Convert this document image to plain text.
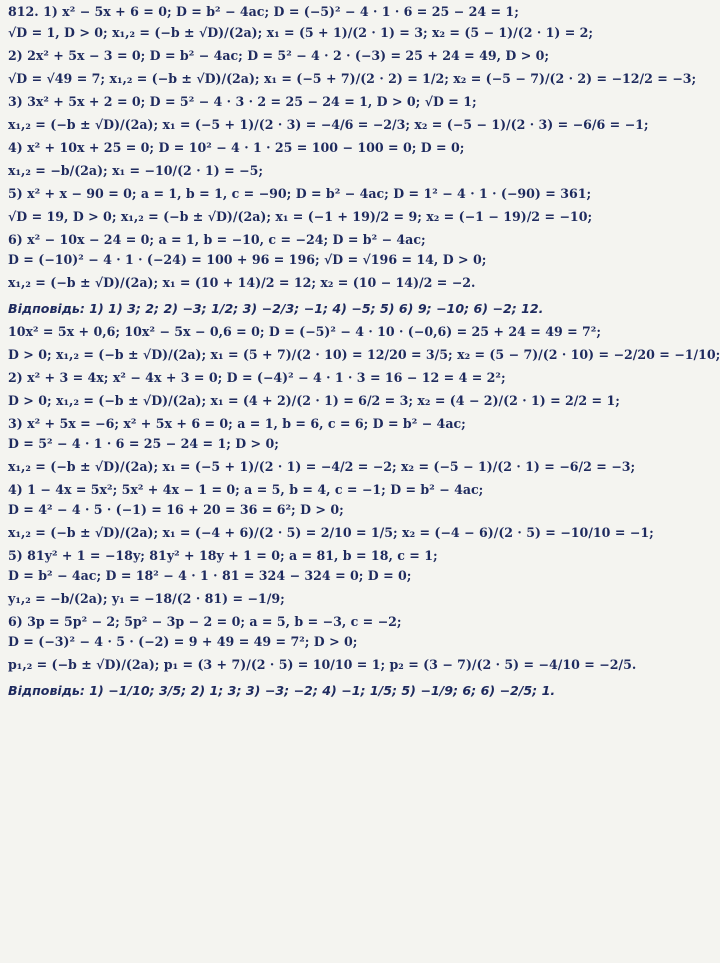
812. 1) x² − 5x + 6 = 0; D = b² − 4ac; D = (−5)² − 4 · 1 · 6 = 25 − 24 = 1;

√D = 1, D > 0; x₁,₂ = (−b ± √D)/(2a); x₁ = (5 + 1)/(2 · 1) = 3; x₂ = (5 − 1)/(2 · 1) = 2;

2) 2x² + 5x − 3 = 0; D = b² − 4ac; D = 5² − 4 · 2 · (−3) = 25 + 24 = 49, D > 0;

√D = √49 = 7; x₁,₂ = (−b ± √D)/(2a); x₁ = (−5 + 7)/(2 · 2) = 1/2; x₂ = (−5 − 7)/(2 · 2) = −12/2 = −3;

3) 3x² + 5x + 2 = 0; D = 5² − 4 · 3 · 2 = 25 − 24 = 1, D > 0; √D = 1;

x₁,₂ = (−b ± √D)/(2a); x₁ = (−5 + 1)/(2 · 3) = −4/6 = −2/3; x₂ = (−5 − 1)/(2 · 3) = −6/6 = −1;

4) x² + 10x + 25 = 0; D = 10² − 4 · 1 · 25 = 100 − 100 = 0; D = 0;

x₁,₂ = −b/(2a); x₁ = −10/(2 · 1) = −5;

5) x² + x − 90 = 0; a = 1, b = 1, c = −90; D = b² − 4ac; D = 1² − 4 · 1 · (−90) = 361;

√D = 19, D > 0; x₁,₂ = (−b ± √D)/(2a); x₁ = (−1 + 19)/2 = 9; x₂ = (−1 − 19)/2 = −10;

6) x² − 10x − 24 = 0; a = 1, b = −10, c = −24; D = b² − 4ac;

D = (−10)² − 4 · 1 · (−24) = 100 + 96 = 196; √D = √196 = 14, D > 0;

x₁,₂ = (−b ± √D)/(2a); x₁ = (10 + 14)/2 = 12; x₂ = (10 − 14)/2 = −2.

Відповідь: 1) 1) 3; 2; 2) −3; 1/2; 3) −2/3; −1; 4) −5; 5) 6) 9; −10; 6) −2; 12.

10x² = 5x + 0,6; 10x² − 5x − 0,6 = 0; D = (−5)² − 4 · 10 · (−0,6) = 25 + 24 = 49 = 7²;

D > 0; x₁,₂ = (−b ± √D)/(2a); x₁ = (5 + 7)/(2 · 10) = 12/20 = 3/5; x₂ = (5 − 7)/(2 · 10) = −2/20 = −1/10;

2) x² + 3 = 4x; x² − 4x + 3 = 0; D = (−4)² − 4 · 1 · 3 = 16 − 12 = 4 = 2²;

D > 0; x₁,₂ = (−b ± √D)/(2a); x₁ = (4 + 2)/(2 · 1) = 6/2 = 3; x₂ = (4 − 2)/(2 · 1) = 2/2 = 1;

3) x² + 5x = −6; x² + 5x + 6 = 0; a = 1, b = 6, c = 6; D = b² − 4ac;

D = 5² − 4 · 1 · 6 = 25 − 24 = 1; D > 0;

x₁,₂ = (−b ± √D)/(2a); x₁ = (−5 + 1)/(2 · 1) = −4/2 = −2; x₂ = (−5 − 1)/(2 · 1) = −6/2 = −3;

4) 1 − 4x = 5x²; 5x² + 4x − 1 = 0; a = 5, b = 4, c = −1; D = b² − 4ac;

D = 4² − 4 · 5 · (−1) = 16 + 20 = 36 = 6²; D > 0;

x₁,₂ = (−b ± √D)/(2a); x₁ = (−4 + 6)/(2 · 5) = 2/10 = 1/5; x₂ = (−4 − 6)/(2 · 5) = −10/10 = −1;

5) 81y² + 1 = −18y; 81y² + 18y + 1 = 0; a = 81, b = 18, c = 1;

D = b² − 4ac; D = 18² − 4 · 1 · 81 = 324 − 324 = 0; D = 0;

y₁,₂ = −b/(2a); y₁ = −18/(2 · 81) = −1/9;

6) 3p = 5p² − 2; 5p² − 3p − 2 = 0; a = 5, b = −3, c = −2;

D = (−3)² − 4 · 5 · (−2) = 9 + 49 = 49 = 7²; D > 0;

p₁,₂ = (−b ± √D)/(2a); p₁ = (3 + 7)/(2 · 5) = 10/10 = 1; p₂ = (3 − 7)/(2 · 5) = −4/10 = −2/5.

Відповідь: 1) −1/10; 3/5; 2) 1; 3; 3) −3; −2; 4) −1; 1/5; 5) −1/9; 6; 6) −2/5; 1.
